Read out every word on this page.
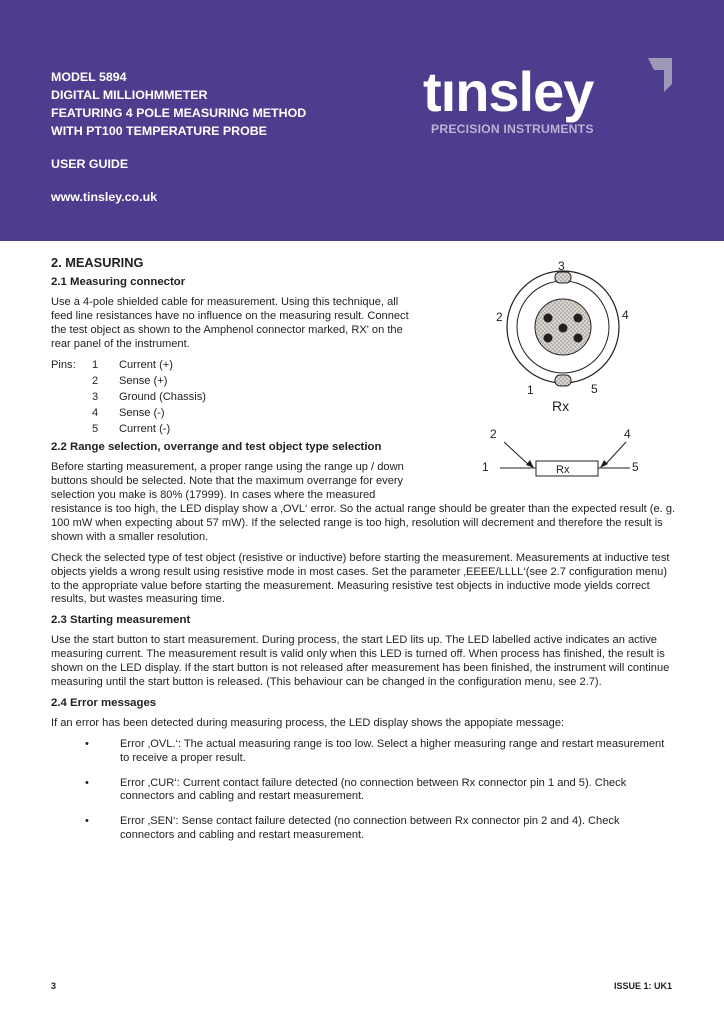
MODEL 5894
DIGITAL MILLIOHMMETER
FEATURING 4 POLE MEASURING METHOD
WITH PT100 TEMPERATURE PROBE
USER GUIDE
www.tinsley.co.uk
tınsley
PRECISION INSTRUMENTS
2. MEASURING
2.1 Measuring connector

Use a 4-pole shielded cable for measurement. Using this technique, all feed line resistances have no influence on the measuring result. Connect the test object as shown to the Amphenol connector marked, RX' on the rear panel of the instrument.

Pins:	1	Current (+)
2	Sense (+)
3	Ground (Chassis)
4	Sense (-)
5	Current (-)
2.2 Range selection, overrange and test object type selection

Before starting measurement, a proper range using the range up / down
buttons should be selected. Note that the maximum overrange for every
selection you make is 80% (17999). In cases where the measured
resistance is too high, the LED display show a ‚OVL‘ error. So the actual range should be greater than the expected result (e. g. 100 mW when expecting about 57 mW). If the selected range is too high, resolution will decrement and therefore the result is shown with a smaller resolution.

Check the selected type of test object (resistive or inductive) before starting the measurement. Measurements at inductive test objects yields a wrong result using resistive mode in most cases. Set the parameter ‚EEEE/LLLL‘(see 2.7 configuration menu) to the appropriate value before starting the measurement. Measuring resistive test objects in inductive mode yields correct results, but wastes measuring time.

2.3 Starting measurement

Use the start button to start measurement. During process, the start LED lits up. The LED labelled active indicates an active measuring current. The measurement result is valid only when this LED is turned off. When process has finished, the result is shown on the LED display. If the start button is not released after measurement has been finished, the instrument will continue measuring until the start button is released. (This behaviour can be changed in the configuration menu, see 2.7).

2.4 Error messages

If an error has been detected during measuring process, the LED display shows the appopiate message:

•	Error ‚OVL.‘: The actual measuring range is too low. Select a higher measuring range and restart measurement to receive a proper result.
•	Error ‚CUR‘: Current contact failure detected (no connection between Rx connector pin 1 and 5). Check connectors and cabling and restart measurement.
•	Error ‚SEN‘: Sense contact failure detected (no connection between Rx connector pin 2 and 4). Check connectors and cabling and restart measurement.
3
2	4
1	5
Rx
2	4
1	5
Rx
3	ISSUE 1: UK1
